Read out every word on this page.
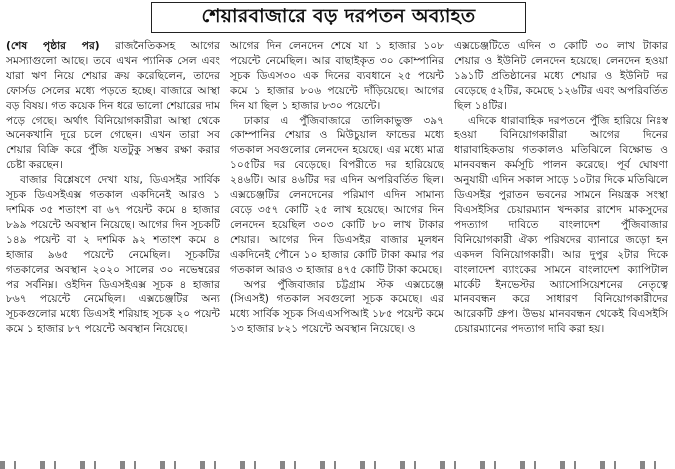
শেয়ারবাজারে বড় দরপতন অব্যাহত

(শেষ পৃষ্ঠার পর) রাজনৈতিকসহ আগের সমস্যাগুলো আছে। তবে এখন প্যানিক সেল এবং যারা ঋণ নিয়ে শেয়ার ক্রয় করেছিলেন, তাদের ফোর্সড সেলের মধ্যে পড়তে হচ্ছে। বাজারে আস্থা বড় বিষয়। গত কয়েক দিন ধরে ভালো শেয়ারের দাম পড়ে গেছে। অর্থাৎ বিনিয়োগকারীরা আস্থা থেকে অনেকখানি দূরে চলে গেছেন। এখন তারা সব শেয়ার বিক্রি করে পুঁজি যতটুকু সম্ভব রক্ষা করার চেষ্টা করছেন।

বাজার বিশ্লেষণে দেখা যায়, ডিএসইর সার্বিক সূচক ডিএসইএক্স গতকাল একদিনেই আরও ১ দশমিক ৩৫ শতাংশ বা ৬৭ পয়েন্ট কমে ৪ হাজার ৮৯৯ পয়েন্টে অবস্থান নিয়েছে। আগের দিন সূচকটি ১৪৯ পয়েন্ট বা ২ দশমিক ৯২ শতাংশ কমে ৪ হাজার ৯৬৫ পয়েন্টে নেমেছিল। সূচকটির গতকালের অবস্থান ২০২০ সালের ৩০ নভেম্বরের পর সর্বনিম্ন। ওইদিন ডিএসইএক্স সূচক ৪ হাজার ৮৬৭ পয়েন্টে নেমেছিল। এক্সচেঞ্জটির অন্য সূচকগুলোর মধ্যে ডিএসই শরিয়াহ সূচক ২০ পয়েন্ট কমে ১ হাজার ৮৭ পয়েন্টে অবস্থান নিয়েছে।

আগের দিন লেনদেন শেষে যা ১ হাজার ১০৮ পয়েন্টে নেমেছিল। আর বাছাইকৃত ৩০ কোম্পানির সূচক ডিএস৩০ এক দিনের ব্যবধানে ২৫ পয়েন্ট কমে ১ হাজার ৮০৬ পয়েন্টে দাঁড়িয়েছে। আগের দিন যা ছিল ১ হাজার ৮৩০ পয়েন্টে।

ঢাকার এ পুঁজিবাজারে তালিকাভুক্ত ৩৯৭ কোম্পানির শেয়ার ও মিউচুয়াল ফান্ডের মধ্যে গতকাল সবগুলোর লেনদেন হয়েছে। এর মধ্যে মাত্র ১০৫টির দর বেড়েছে। বিপরীতে দর হারিয়েছে ২৪৬টি। আর ৪৬টির দর এদিন অপরিবর্তিত ছিল। এক্সচেঞ্জটির লেনদেনের পরিমাণ এদিন সামান্য বেড়ে ৩৫৭ কোটি ২৫ লাখ হয়েছে। আগের দিন লেনদেন হয়েছিল ৩০৩ কোটি ৮০ লাখ টাকার শেয়ার। আগের দিন ডিএসইর বাজার মূলধন একদিনেই পৌনে ১০ হাজার কোটি টাকা কমার পর গতকাল আরও ৩ হাজার ৪৭৫ কোটি টাকা কমেছে।

অপর পুঁজিবাজার চট্টগ্রাম স্টক এক্সচেঞ্জে (সিএসই) গতকাল সবগুলো সূচক কমেছে। এর মধ্যে সার্বিক সূচক সিএএসপিআই ১৮৫ পয়েন্ট কমে ১৩ হাজার ৮২১ পয়েন্টে অবস্থান নিয়েছে। ও

এক্সচেঞ্জটিতে এদিন ৩ কোটি ৩০ লাখ টাকার শেয়ার ও ইউনিট লেনদেন হয়েছে। লেনদেন হওয়া ১৯১টি প্রতিষ্ঠানের মধ্যে শেয়ার ও ইউনিট দর বেড়েছে ৫২টির, কমেছে ১২৬টির এবং অপরিবর্তিত ছিল ১৪টির।

এদিকে ধারাবাহিক দরপতনে পুঁজি হারিয়ে নিঃস্ব হওয়া বিনিয়োগকারীরা আগের দিনের ধারাবাহিকতায় গতকালও মতিঝিলে বিক্ষোভ ও মানববন্ধন কর্মসূচি পালন করেছে। পূর্ব ঘোষণা অনুযায়ী এদিন সকাল সাড়ে ১০টার দিকে মতিঝিলে ডিএসইর পুরাতন ভবনের সামনে নিয়ন্ত্রক সংস্থা বিএসইসির চেয়ারম্যান খন্দকার রাশেদ মাকসুদের পদত্যাগ দাবিতে বাংলাদেশ পুঁজিবাজার বিনিয়োগকারী ঐক্য পরিষদের ব্যানারে জড়ো হন একদল বিনিয়োগকারী। আর দুপুর ২টার দিকে বাংলাদেশ ব্যাংকের সামনে বাংলাদেশ ক্যাপিটাল মার্কেট ইনভেস্টর অ্যাসোসিয়েশনের নেতৃত্বে মানববন্ধন করে সাধারণ বিনিয়োগকারীদের আরেকটি গ্রুপ। উভয় মানববন্ধন থেকেই বিএসইসি চেয়ারম্যানের পদত্যাগ দাবি করা হয়।
